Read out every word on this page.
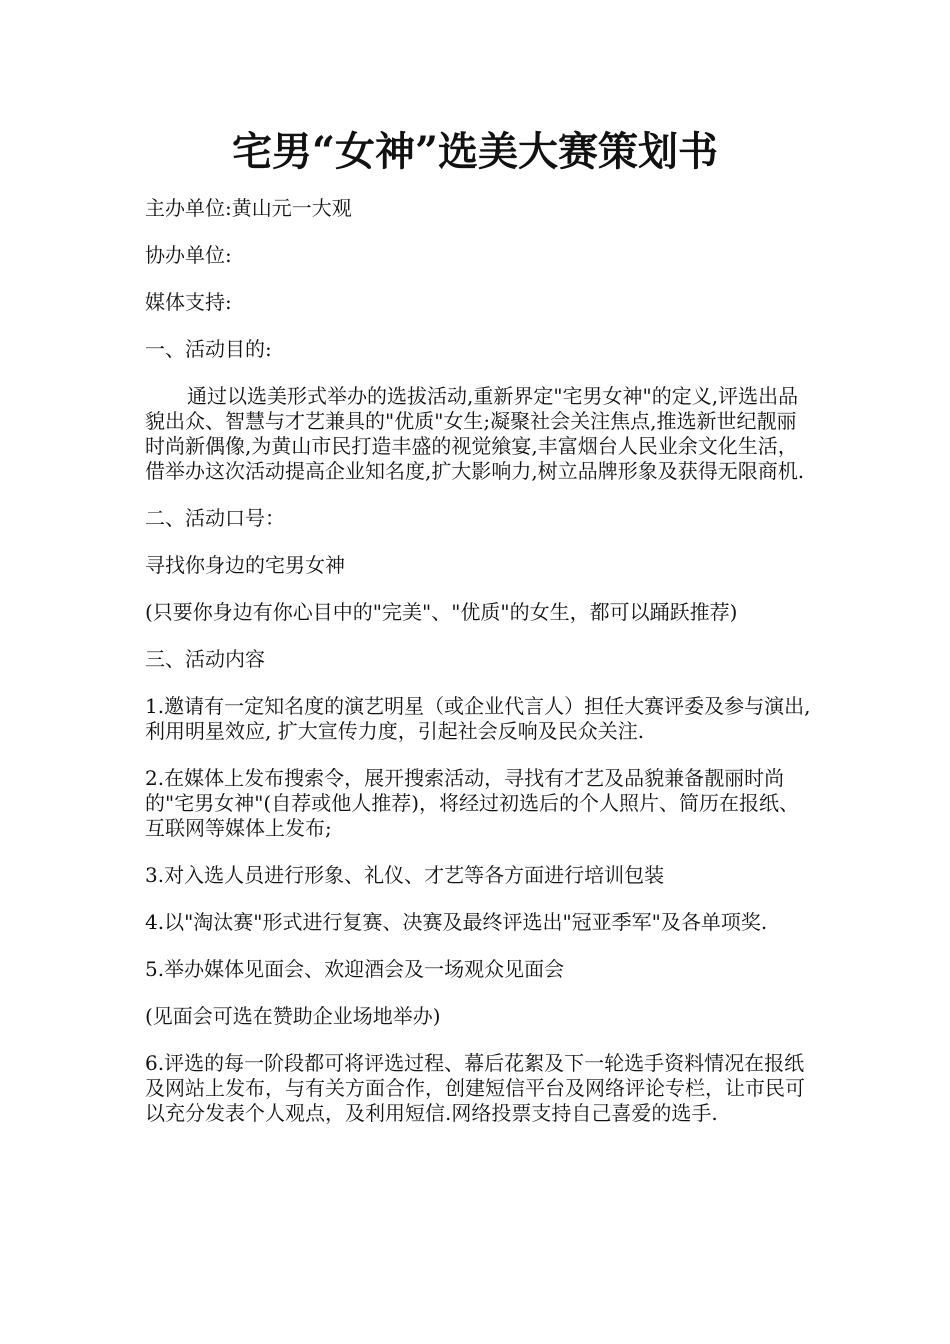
宅男“女神”选美大赛策划书

主办单位:黄山元一大观

协办单位:

媒体支持:

一、活动目的:

通过以选美形式举办的选拔活动,重新界定"宅男女神"的定义,评选出品貌出众、智慧与才艺兼具的"优质"女生;凝聚社会关注焦点,推选新世纪靓丽时尚新偶像,为黄山市民打造丰盛的视觉飨宴,丰富烟台人民业余文化生活，借举办这次活动提高企业知名度,扩大影响力,树立品牌形象及获得无限商机.

二、活动口号：

寻找你身边的宅男女神

(只要你身边有你心目中的"完美"、"优质"的女生，都可以踊跃推荐)

三、活动内容

1.邀请有一定知名度的演艺明星（或企业代言人）担任大赛评委及参与演出,利用明星效应, 扩大宣传力度，引起社会反响及民众关注.

2.在媒体上发布搜索令，展开搜索活动，寻找有才艺及品貌兼备靓丽时尚的"宅男女神"(自荐或他人推荐)，将经过初选后的个人照片、简历在报纸、互联网等媒体上发布;

3.对入选人员进行形象、礼仪、才艺等各方面进行培训包装

4.以"淘汰赛"形式进行复赛、决赛及最终评选出"冠亚季军"及各单项奖.

5.举办媒体见面会、欢迎酒会及一场观众见面会

(见面会可选在赞助企业场地举办)

6.评选的每一阶段都可将评选过程、幕后花絮及下一轮选手资料情况在报纸及网站上发布，与有关方面合作，创建短信平台及网络评论专栏，让市民可以充分发表个人观点，及利用短信.网络投票支持自己喜爱的选手.
